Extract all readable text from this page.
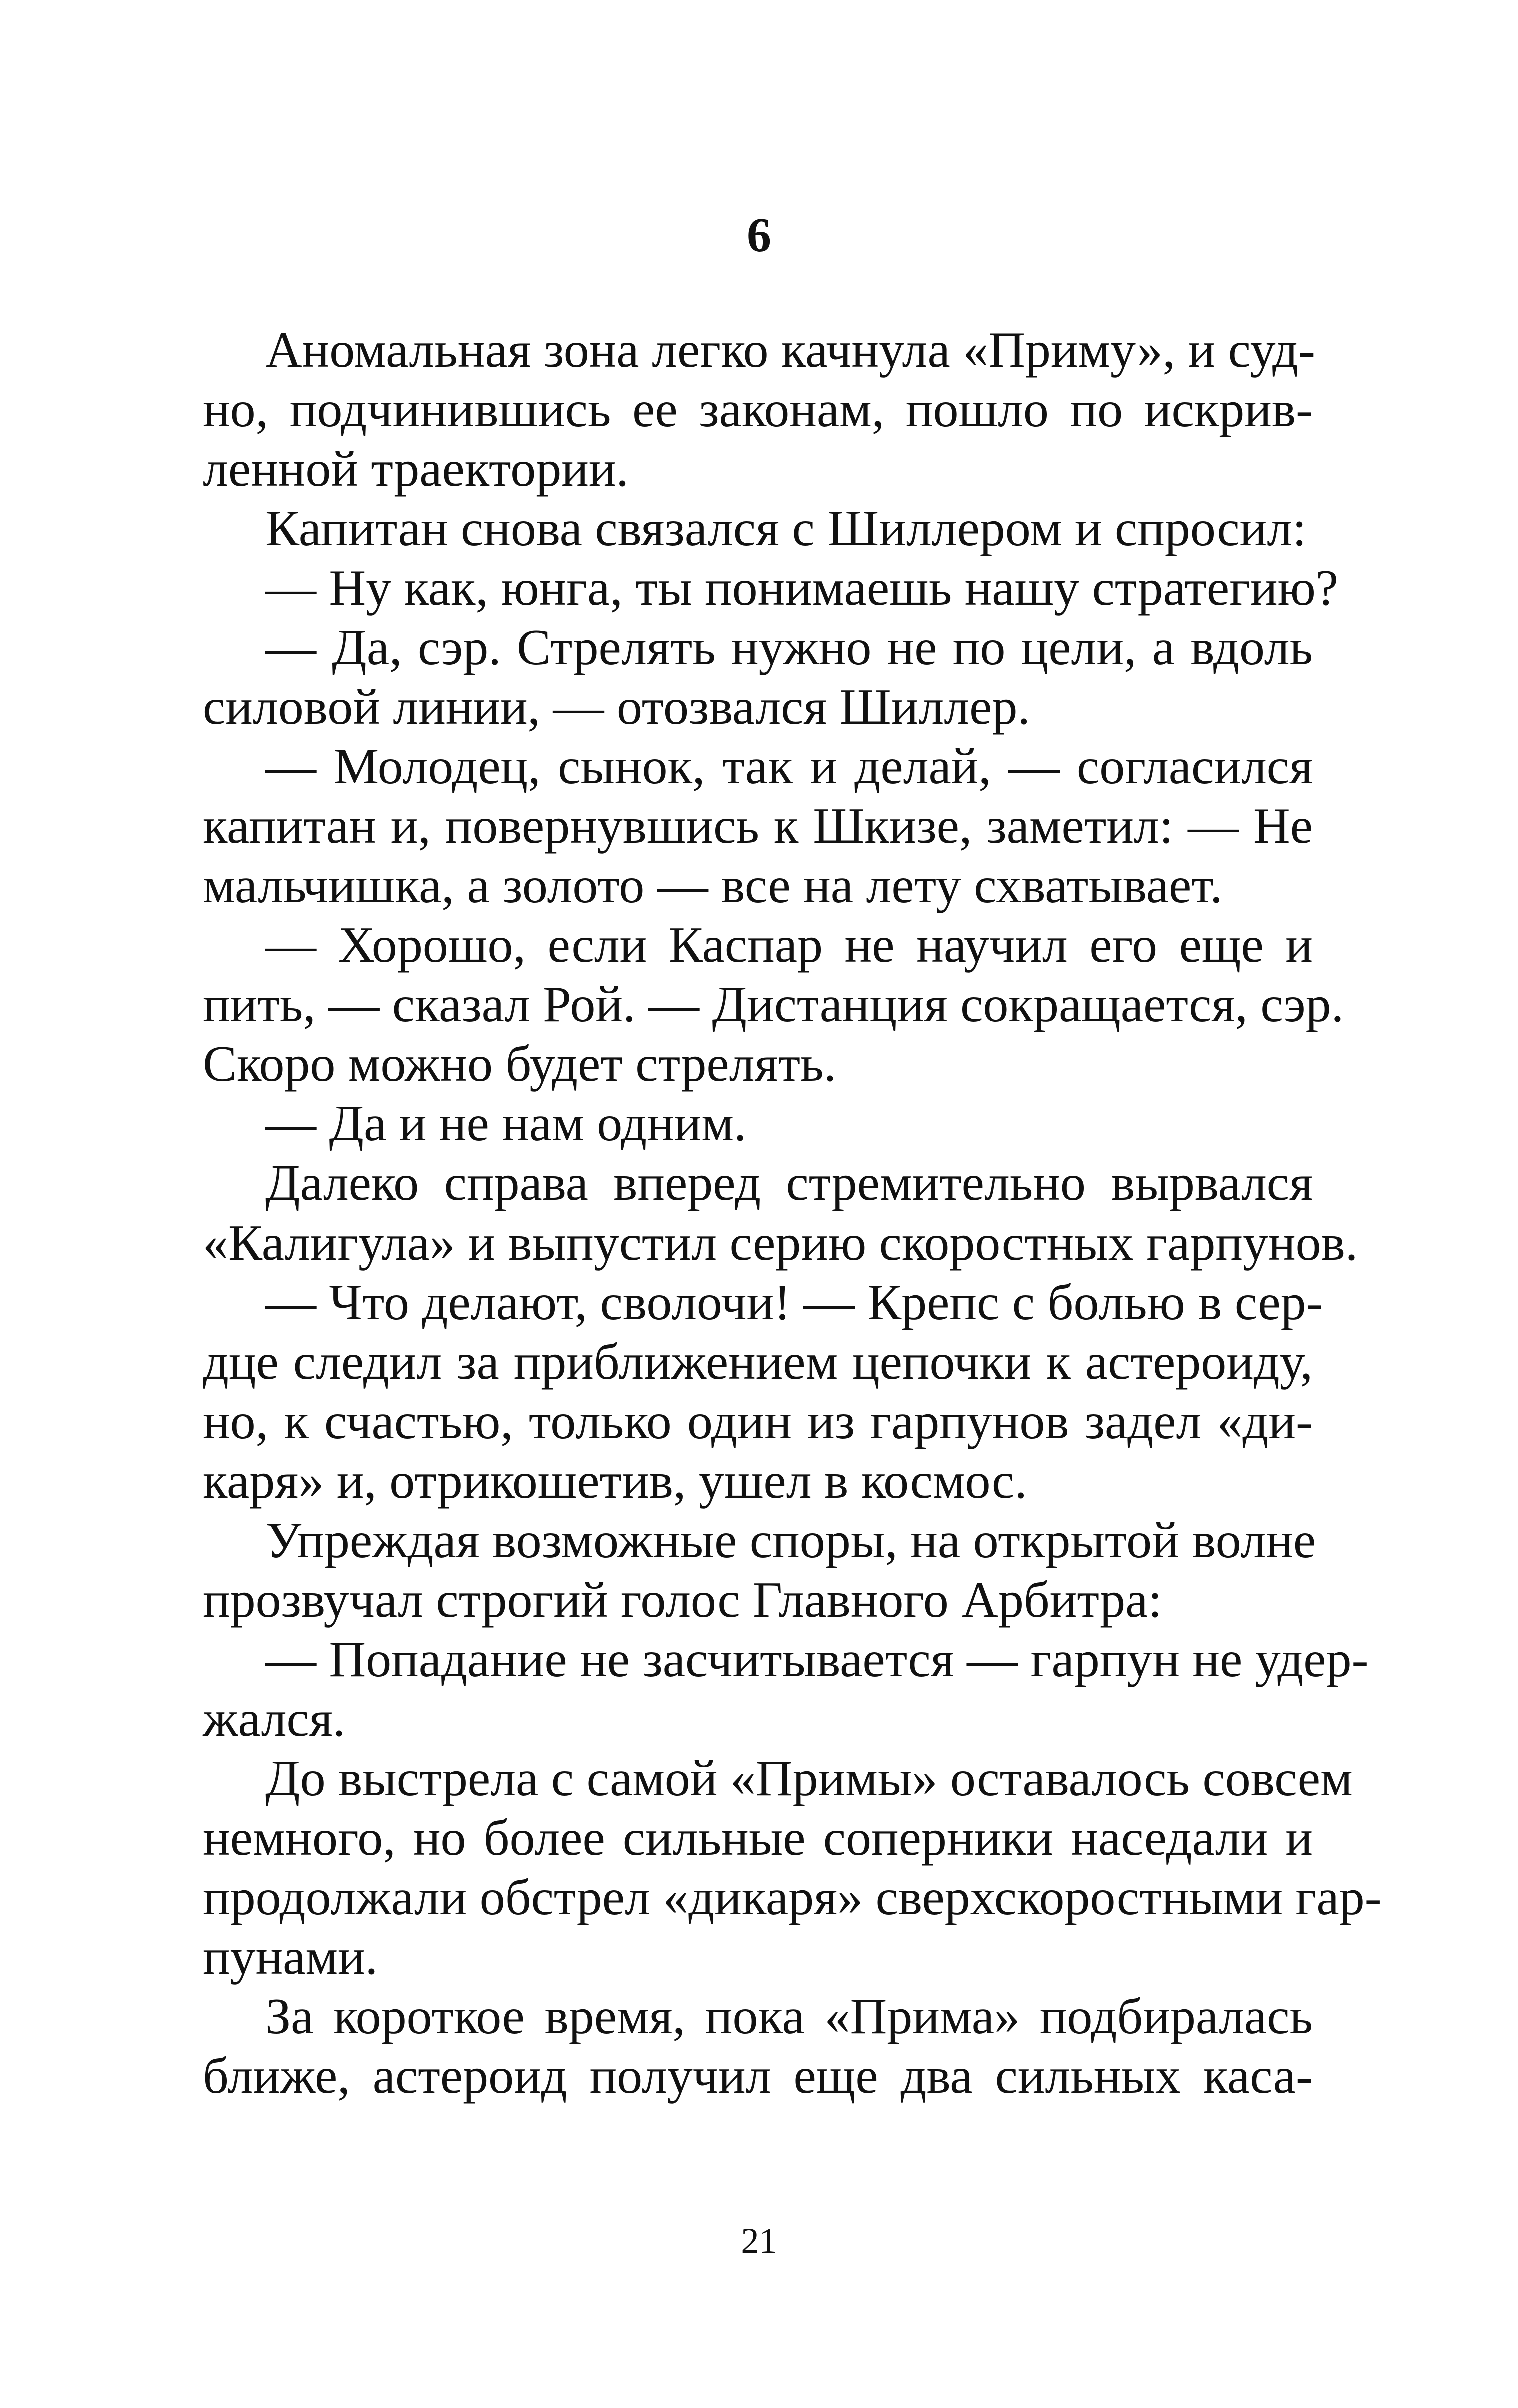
6
Аномальная зона легко качнула «Приму», и суд-
но, подчинившись ее законам, пошло по искрив-
ленной траектории.
Капитан снова связался с Шиллером и спросил:
— Ну как, юнга, ты понимаешь нашу стратегию?
— Да, сэр. Стрелять нужно не по цели, а вдоль
силовой линии, — отозвался Шиллер.
— Молодец, сынок, так и делай, — согласился
капитан и, повернувшись к Шкизе, заметил: — Не
мальчишка, а золото — все на лету схватывает.
— Хорошо, если Каспар не научил его еще и
пить, — сказал Рой. — Дистанция сокращается, сэр.
Скоро можно будет стрелять.
— Да и не нам одним.
Далеко справа вперед стремительно вырвался
«Калигула» и выпустил серию скоростных гарпунов.
— Что делают, сволочи! — Крепс с болью в сер-
дце следил за приближением цепочки к астероиду,
но, к счастью, только один из гарпунов задел «ди-
каря» и, отрикошетив, ушел в космос.
Упреждая возможные споры, на открытой волне
прозвучал строгий голос Главного Арбитра:
— Попадание не засчитывается — гарпун не удер-
жался.
До выстрела с самой «Примы» оставалось совсем
немного, но более сильные соперники наседали и
продолжали обстрел «дикаря» сверхскоростными гар-
пунами.
За короткое время, пока «Прима» подбиралась
ближе, астероид получил еще два сильных каса-
21
